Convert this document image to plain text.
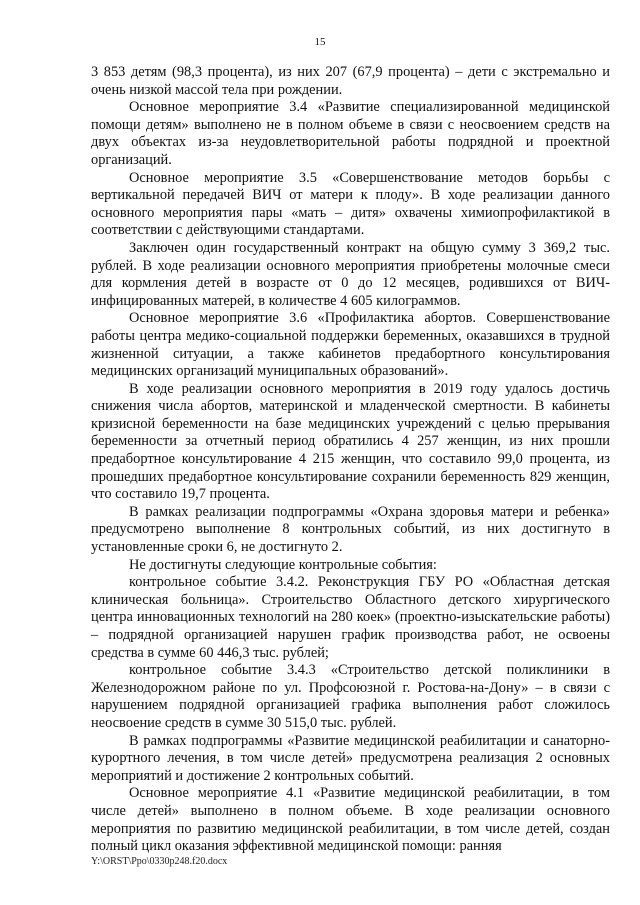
15

3 853 детям (98,3 процента), из них 207 (67,9 процента) – дети с экстремально и очень низкой массой тела при рождении.

Основное мероприятие 3.4 «Развитие специализированной медицинской помощи детям» выполнено не в полном объеме в связи с неосвоением средств на двух объектах из-за неудовлетворительной работы подрядной и проектной организаций.

Основное мероприятие 3.5 «Совершенствование методов борьбы с вертикальной передачей ВИЧ от матери к плоду». В ходе реализации данного основного мероприятия пары «мать – дитя» охвачены химиопрофилактикой в соответствии с действующими стандартами.

Заключен один государственный контракт на общую сумму 3 369,2 тыс. рублей. В ходе реализации основного мероприятия приобретены молочные смеси для кормления детей в возрасте от 0 до 12 месяцев, родившихся от ВИЧ-инфицированных матерей, в количестве 4 605 килограммов.

Основное мероприятие 3.6 «Профилактика абортов. Совершенствование работы центра медико-социальной поддержки беременных, оказавшихся в трудной жизненной ситуации, а также кабинетов предабортного консультирования медицинских организаций муниципальных образований».

В ходе реализации основного мероприятия в 2019 году удалось достичь снижения числа абортов, материнской и младенческой смертности. В кабинеты кризисной беременности на базе медицинских учреждений с целью прерывания беременности за отчетный период обратились 4 257 женщин, из них прошли предабортное консультирование 4 215 женщин, что составило 99,0 процента, из прошедших предабортное консультирование сохранили беременность 829 женщин, что составило 19,7 процента.

В рамках реализации подпрограммы «Охрана здоровья матери и ребенка» предусмотрено выполнение 8 контрольных событий, из них достигнуто в установленные сроки 6, не достигнуто 2.

Не достигнуты следующие контрольные события:

контрольное событие 3.4.2. Реконструкция ГБУ РО «Областная детская клиническая больница». Строительство Областного детского хирургического центра инновационных технологий на 280 коек» (проектно-изыскательские работы) – подрядной организацией нарушен график производства работ, не освоены средства в сумме 60 446,3 тыс. рублей;

контрольное событие 3.4.3 «Строительство детской поликлиники в Железнодорожном районе по ул. Профсоюзной г. Ростова-на-Дону» – в связи с нарушением подрядной организацией графика выполнения работ сложилось неосвоение средств в сумме 30 515,0 тыс. рублей.

В рамках подпрограммы «Развитие медицинской реабилитации и санаторно-курортного лечения, в том числе детей» предусмотрена реализация 2 основных мероприятий и достижение 2 контрольных событий.

Основное мероприятие 4.1 «Развитие медицинской реабилитации, в том числе детей» выполнено в полном объеме. В ходе реализации основного мероприятия по развитию медицинской реабилитации, в том числе детей, создан полный цикл оказания эффективной медицинской помощи: ранняя

Y:\ORST\Ppo\0330p248.f20.docx
